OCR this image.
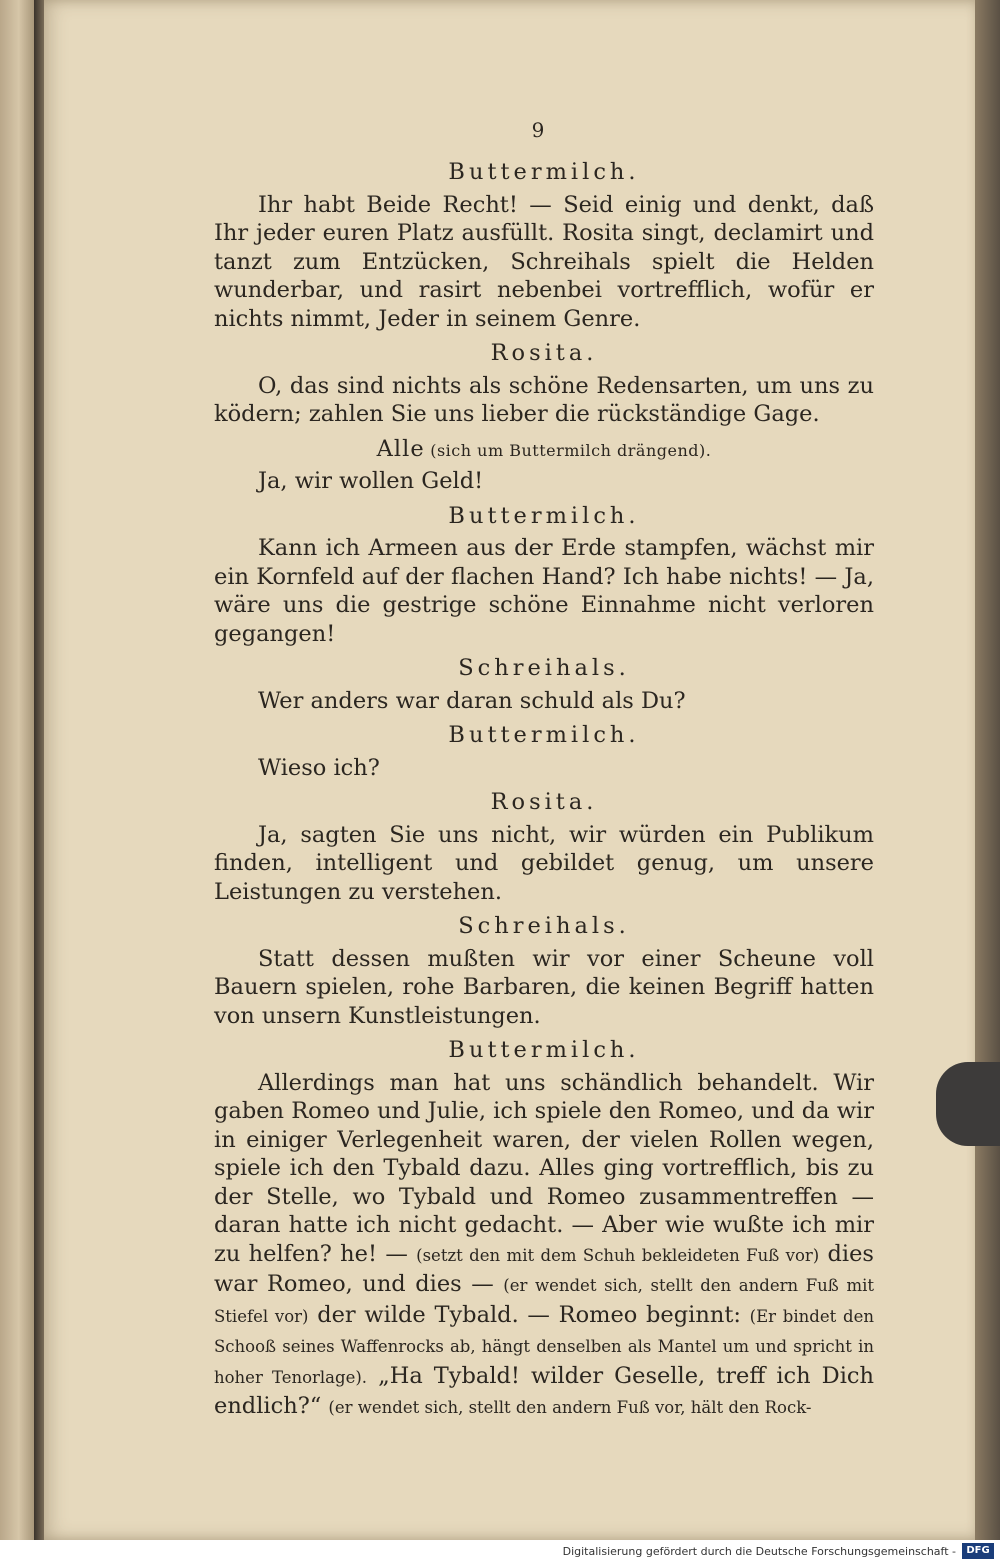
9
Buttermilch.

Ihr habt Beide Recht! — Seid einig und denkt, daß Ihr jeder euren Platz ausfüllt. Rosita singt, declamirt und tanzt zum Entzücken, Schreihals spielt die Helden wunderbar, und rasirt nebenbei vortrefflich, wofür er nichts nimmt, Jeder in seinem Genre.

Rosita.

O, das sind nichts als schöne Redensarten, um uns zu ködern; zahlen Sie uns lieber die rückständige Gage.

Alle (sich um Buttermilch drängend).

Ja, wir wollen Geld!

Buttermilch.

Kann ich Armeen aus der Erde stampfen, wächst mir ein Kornfeld auf der flachen Hand? Ich habe nichts! — Ja, wäre uns die gestrige schöne Einnahme nicht verloren gegangen!

Schreihals.

Wer anders war daran schuld als Du?

Buttermilch.

Wieso ich?

Rosita.

Ja, sagten Sie uns nicht, wir würden ein Publikum finden, intelligent und gebildet genug, um unsere Leistungen zu verstehen.

Schreihals.

Statt dessen mußten wir vor einer Scheune voll Bauern spielen, rohe Barbaren, die keinen Begriff hatten von unsern Kunstleistungen.

Buttermilch.

Allerdings man hat uns schändlich behandelt. Wir gaben Romeo und Julie, ich spiele den Romeo, und da wir in einiger Verlegenheit waren, der vielen Rollen wegen, spiele ich den Tybald dazu. Alles ging vortrefflich, bis zu der Stelle, wo Tybald und Romeo zusammentreffen — daran hatte ich nicht gedacht. — Aber wie wußte ich mir zu helfen? he! — (setzt den mit dem Schuh bekleideten Fuß vor) dies war Romeo, und dies — (er wendet sich, stellt den andern Fuß mit Stiefel vor) der wilde Tybald. — Romeo beginnt: (Er bindet den Schooß seines Waffenrocks ab, hängt denselben als Mantel um und spricht in hoher Tenorlage). „Ha Tybald! wilder Geselle, treff ich Dich endlich?“ (er wendet sich, stellt den andern Fuß vor, hält den Rock-

Digitalisierung gefördert durch die Deutsche Forschungsgemeinschaft -	DFG
